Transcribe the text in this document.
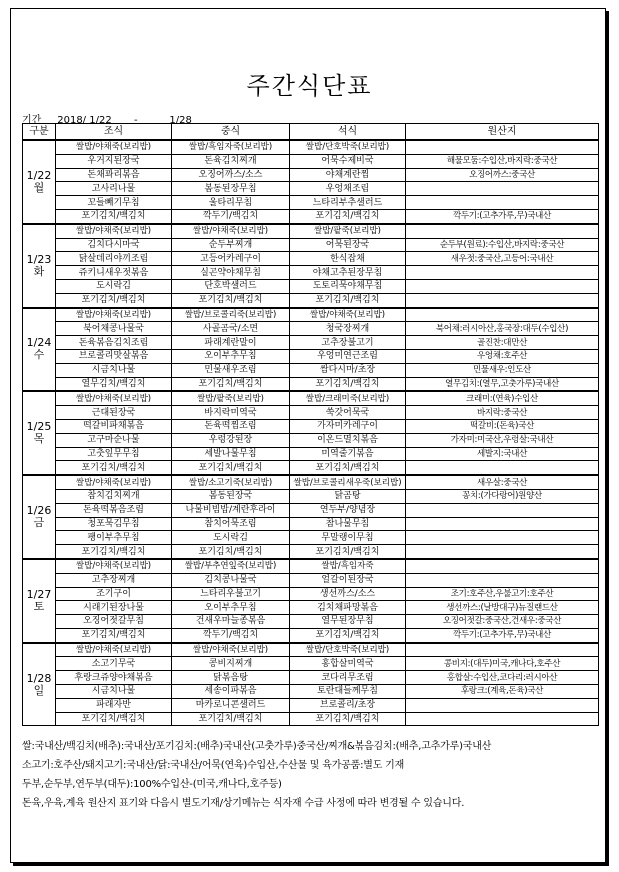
주간식단표
기간 2018/ 1/22 -	1/28
구분	조식	중식	석식	원산지

1/22
월	쌀밥/야채죽(보리밥)	쌀밥/흑임자죽(보리밥)	쌀밥/단호박죽(보리밥)	
	우거지된장국	돈육김치찌개	어묵수제비국	해물모둠:수입산,바지락:중국산
	돈채꽈리볶음	오징어까스/소스	야채계란찜	오징어까스:중국산
	고사리나물	봄동된장무침	우엉채조림	
	꼬들빼기무침	울타리무침	느타리부추샐러드	
	포기김치/백김치	깍두기/백김치	포기김치/백김치	깍두기:(고추가루,무)국내산

1/23
화	쌀밥/야채죽(보리밥)	쌀밥/야채죽(보리밥)	쌀밥/팥죽(보리밥)	
	김치다시마국	순두부찌개	어묵된장국	순두부(원료):수입산,바지락:중국산
	닭살데리야끼조림	고등어카레구이	한식잡채	새우젓:중국산,고등어:국내산
	쥬키니새우젓볶음	실곤약야채무침	야채고추된장무침	
	도시락김	단호박샐러드	도토리묵야채무침	
	포기김치/백김치	포기김치/백김치	포기김치/백김치	

1/24
수	쌀밥/야채죽(보리밥)	쌀밥/브로콜리죽(보리밥)	쌀밥/야채죽(보리밥)	
	북어채콩나물국	사골곰국/소면	청국장찌개	북어채:러시아산,홍국장:대두(수입산)
	돈육볶음김치조림	파래계란말이	고추장불고기	골진찬:대만산
	브로콜리맛살볶음	오이부추무침	우엉미연근조림	우엉채:호주산
	시금치나물	민물새우조림	쌈다시마/초장	민물새우:인도산
	열무김치/백김치	포기김치/백김치	포기김치/백김치	열무김치:(열무,고춧가루)국내산

1/25
목	쌀밥/야채죽(보리밥)	쌀밥/팥죽(보리밥)	쌀밥/크래미죽(보리밥)	크래미:(연육)수입산
	근대된장국	바지락미역국	쑥갓어묵국	바지락:중국산
	떡갈비파채볶음	돈육떡찜조림	가자미카레구이	떡갈비:(돈육)국산
	고구마순나물	우렁강된장	이온드멸치볶음	가자미:미국산,우렁살:국내산
	고춧잎무무침	세발나물무침	미역줄기볶음	세발지:국내산
	포기김치/백김치	포기김치/백김치	포기김치/백김치	

1/26
금	쌀밥/야채죽(보리밥)	쌀밥/소고기죽(보리밥)	쌀밥/브로콜리새우죽(보리밥)	새우살:중국산
	참치김치찌개	봄동된장국	닭곰탕	꽁치:(가다랑어)원양산
	돈육떡볶음조림	나물비빔밥/계란후라이	연두부/양념장	
	청포묵김무침	참치어묵조림	참나물무침	
	팽이부추무침	도시락김	무말랭이무침	
	포기김치/백김치	포기김치/백김치	포기김치/백김치	

1/27
토	쌀밥/야채죽(보리밥)	쌀밥/부추연잎죽(보리밥)	쌀밥/흑임자죽	
	고추장찌개	김치콩나물국	얼갈이된장국	
	조기구이	느타리우불고기	생선까스/소스	조기:호주산,우불고기:호주산
	시래기된장나물	오이부추무침	김치채파망볶음	생선까스:(날방대구)뉴질랜드산
	오징어젓갈무침	건새우마늘종볶음	열무된장무침	오징어젓갈:중국산,건새우:중국산
	포기김치/백김치	깍두기/백김치	포기김치/백김치	깍두기:(고추가루,무)국내산

1/28
일	쌀밥/야채죽(보리밥)	쌀밥/야채죽(보리밥)	쌀밥/단호박죽(보리밥)	
	소고기무국	콩비지찌개	홍합살미역국	콩비지:(대두)미국,캐나다,호주산
	후랑크쥬양야채볶음	닭볶음탕	코다리무조림	홍합살:수입산,코다리:러시아산
	시금치나물	세송이파볶음	토란대들께무침	후랑크:(계육,돈육)국산
	파래자반	마카로니콘샐러드	브로콜리/초장	
	포기김치/백김치	포기김치/백김치	포기김치/백김치	
쌀:국내산/백김치(배추):국내산/포기김치:(배추)국내산(고춧가루)중국산/찌개&볶음김치:(배추,고추가루)국내산
소고기:호주산/돼지고기:국내산/닭:국내산/어묵(연육)수입산,수산물 및 육가공품:별도 기재
두부,순두부,연두부(대두):100%수입산-(미국,캐나다,호주등)
돈육,우육,계육 원산지 표기와 다음시 별도기재/상기메뉴는 식자재 수급 사정에 따라 변경될 수 있습니다.
